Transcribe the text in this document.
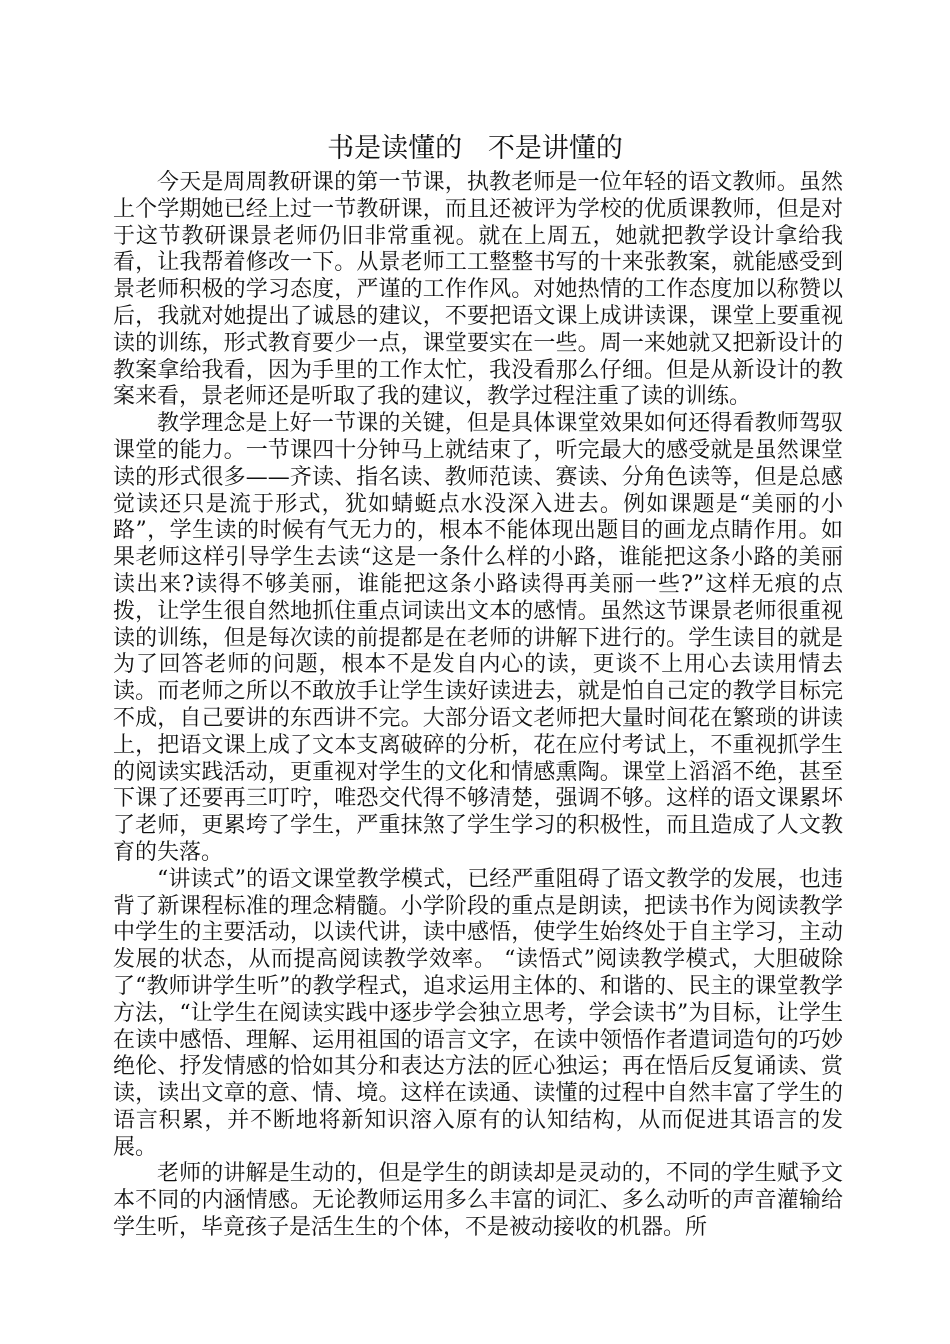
书是读懂的   不是讲懂的

今天是周周教研课的第一节课，执教老师是一位年轻的语文教师。虽然上个学期她已经上过一节教研课，而且还被评为学校的优质课教师，但是对于这节教研课景老师仍旧非常重视。就在上周五，她就把教学设计拿给我看，让我帮着修改一下。从景老师工工整整书写的十来张教案，就能感受到景老师积极的学习态度，严谨的工作作风。对她热情的工作态度加以称赞以后，我就对她提出了诚恳的建议，不要把语文课上成讲读课，课堂上要重视读的训练，形式教育要少一点，课堂要实在一些。周一来她就又把新设计的教案拿给我看，因为手里的工作太忙，我没看那么仔细。但是从新设计的教案来看，景老师还是听取了我的建议，教学过程注重了读的训练。

教学理念是上好一节课的关键，但是具体课堂效果如何还得看教师驾驭课堂的能力。一节课四十分钟马上就结束了，听完最大的感受就是虽然课堂读的形式很多——齐读、指名读、教师范读、赛读、分角色读等，但是总感觉读还只是流于形式，犹如蜻蜓点水没深入进去。例如课题是“美丽的小路”，学生读的时候有气无力的，根本不能体现出题目的画龙点睛作用。如果老师这样引导学生去读“这是一条什么样的小路，谁能把这条小路的美丽读出来?读得不够美丽，谁能把这条小路读得再美丽一些?”这样无痕的点拨，让学生很自然地抓住重点词读出文本的感情。虽然这节课景老师很重视读的训练，但是每次读的前提都是在老师的讲解下进行的。学生读目的就是为了回答老师的问题，根本不是发自内心的读，更谈不上用心去读用情去读。而老师之所以不敢放手让学生读好读进去，就是怕自己定的教学目标完不成，自己要讲的东西讲不完。大部分语文老师把大量时间花在繁琐的讲读上，把语文课上成了文本支离破碎的分析，花在应付考试上，不重视抓学生的阅读实践活动，更重视对学生的文化和情感熏陶。课堂上滔滔不绝，甚至下课了还要再三叮咛，唯恐交代得不够清楚，强调不够。这样的语文课累坏了老师，更累垮了学生，严重抹煞了学生学习的积极性，而且造成了人文教育的失落。

“讲读式”的语文课堂教学模式，已经严重阻碍了语文教学的发展，也违背了新课程标准的理念精髓。小学阶段的重点是朗读，把读书作为阅读教学中学生的主要活动，以读代讲，读中感悟，使学生始终处于自主学习，主动发展的状态，从而提高阅读教学效率。 “读悟式”阅读教学模式，大胆破除了“教师讲学生听”的教学程式，追求运用主体的、和谐的、民主的课堂教学方法，“让学生在阅读实践中逐步学会独立思考，学会读书”为目标，让学生在读中感悟、理解、运用祖国的语言文字，在读中领悟作者遣词造句的巧妙绝伦、抒发情感的恰如其分和表达方法的匠心独运；再在悟后反复诵读、赏读，读出文章的意、情、境。这样在读通、读懂的过程中自然丰富了学生的语言积累，并不断地将新知识溶入原有的认知结构，从而促进其语言的发展。

老师的讲解是生动的，但是学生的朗读却是灵动的，不同的学生赋予文本不同的内涵情感。无论教师运用多么丰富的词汇、多么动听的声音灌输给学生听，毕竟孩子是活生生的个体，不是被动接收的机器。所
